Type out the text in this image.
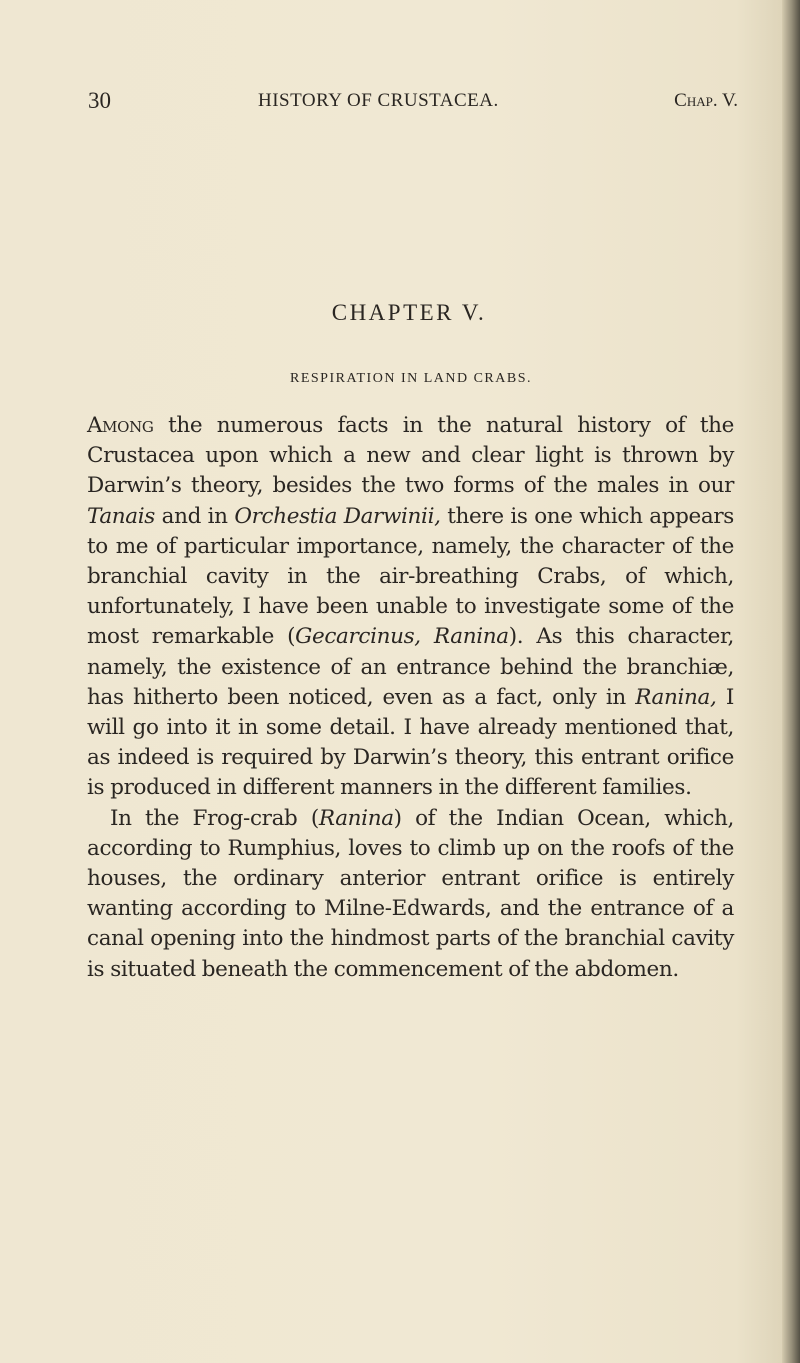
30	HISTORY OF CRUSTACEA.	Chap. V.
CHAPTER V.
RESPIRATION IN LAND CRABS.

Among the numerous facts in the natural history of the Crustacea upon which a new and clear light is thrown by Darwin’s theory, besides the two forms of the males in our Tanais and in Orchestia Darwinii, there is one which appears to me of particular importance, namely, the character of the branchial cavity in the air-breathing Crabs, of which, unfortunately, I have been unable to investigate some of the most remarkable (Gecarcinus, Ranina). As this character, namely, the existence of an entrance behind the branchiæ, has hitherto been noticed, even as a fact, only in Ranina, I will go into it in some detail. I have already mentioned that, as indeed is required by Darwin’s theory, this entrant orifice is produced in different manners in the different families.

In the Frog-crab (Ranina) of the Indian Ocean, which, according to Rumphius, loves to climb up on the roofs of the houses, the ordinary anterior entrant orifice is entirely wanting according to Milne-Edwards, and the entrance of a canal opening into the hindmost parts of the branchial cavity is situated beneath the commencement of the abdomen.
